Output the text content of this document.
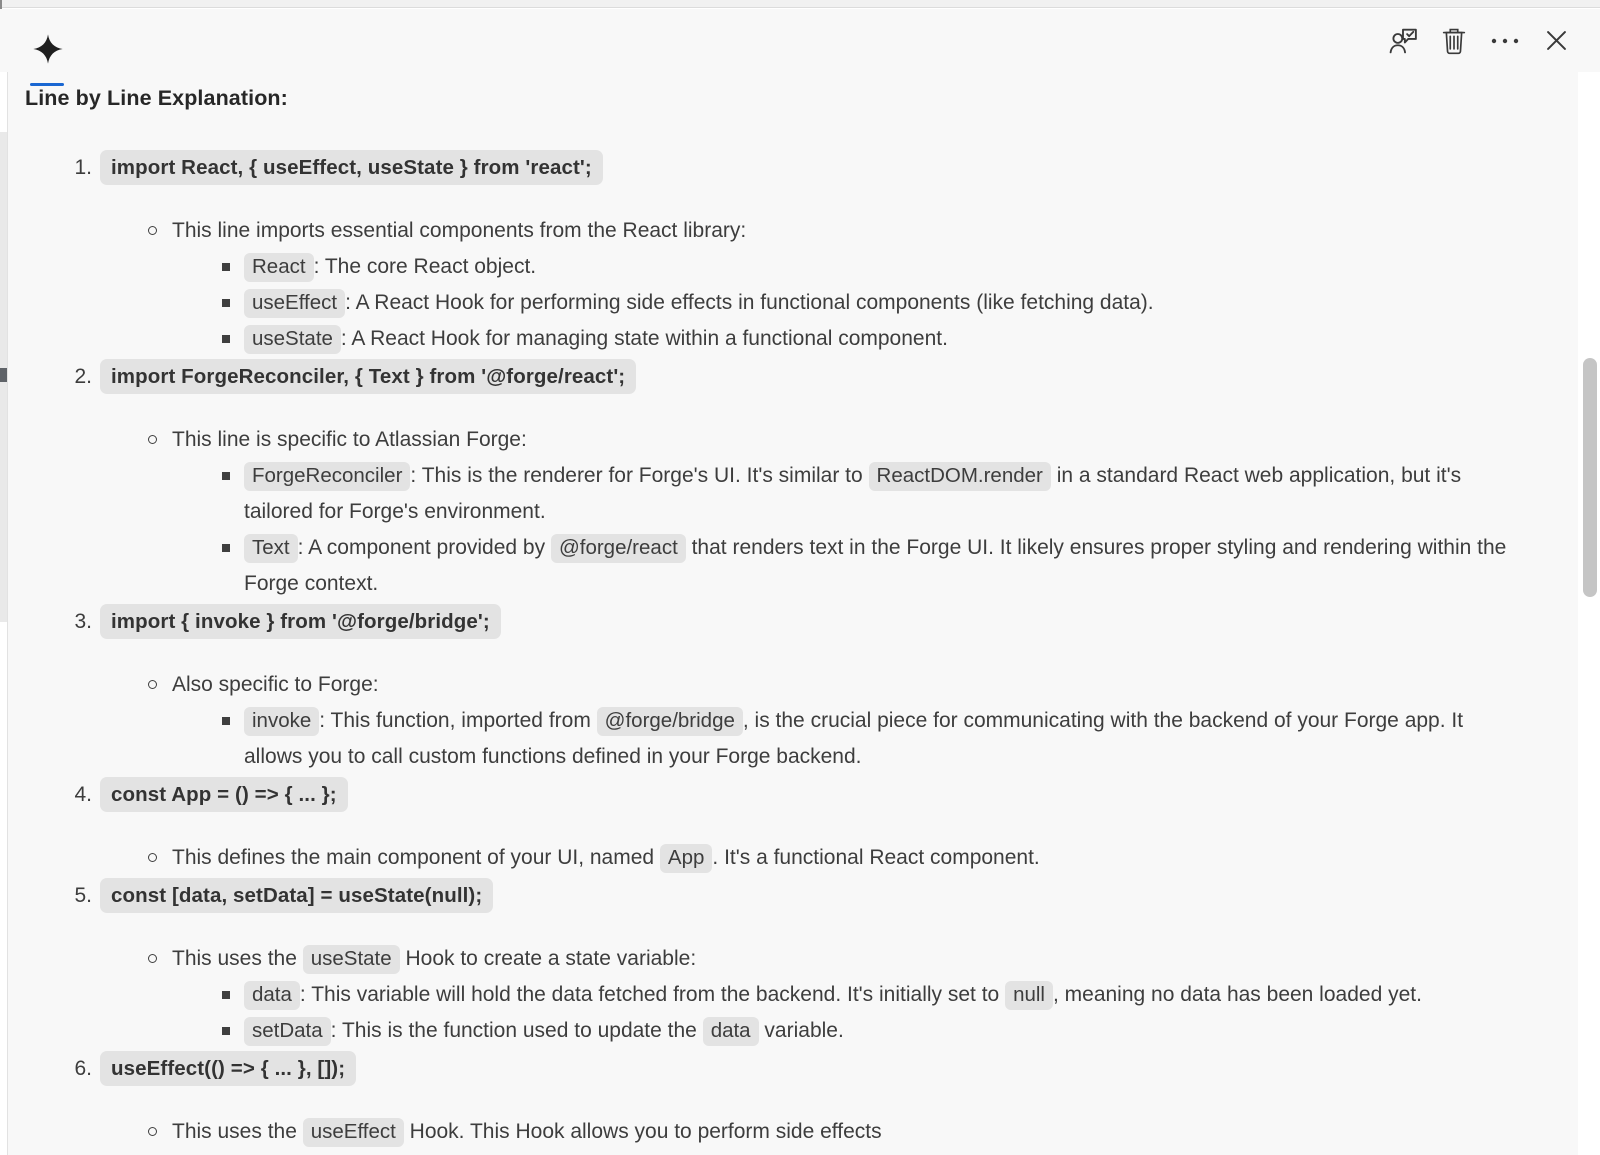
Line by Line Explanation:
1. import React, { useEffect, useState } from 'react';
This line imports essential components from the React library:
React : The core React object.
useEffect : A React Hook for performing side effects in functional components (like fetching data).
useState : A React Hook for managing state within a functional component.
2. import ForgeReconciler, { Text } from '@forge/react';
This line is specific to Atlassian Forge:
ForgeReconciler : This is the renderer for Forge's UI. It's similar to ReactDOM.render in a standard React web application, but it's tailored for Forge's environment.
Text : A component provided by @forge/react that renders text in the Forge UI. It likely ensures proper styling and rendering within the Forge context.
3. import { invoke } from '@forge/bridge';
Also specific to Forge:
invoke : This function, imported from @forge/bridge , is the crucial piece for communicating with the backend of your Forge app. It allows you to call custom functions defined in your Forge backend.
4. const App = () => { ... };
This defines the main component of your UI, named App . It's a functional React component.
5. const [data, setData] = useState(null);
This uses the useState Hook to create a state variable:
data : This variable will hold the data fetched from the backend. It's initially set to null , meaning no data has been loaded yet.
setData : This is the function used to update the data variable.
6. useEffect(() => { ... }, []);
This uses the useEffect Hook. This Hook allows you to perform side effects
